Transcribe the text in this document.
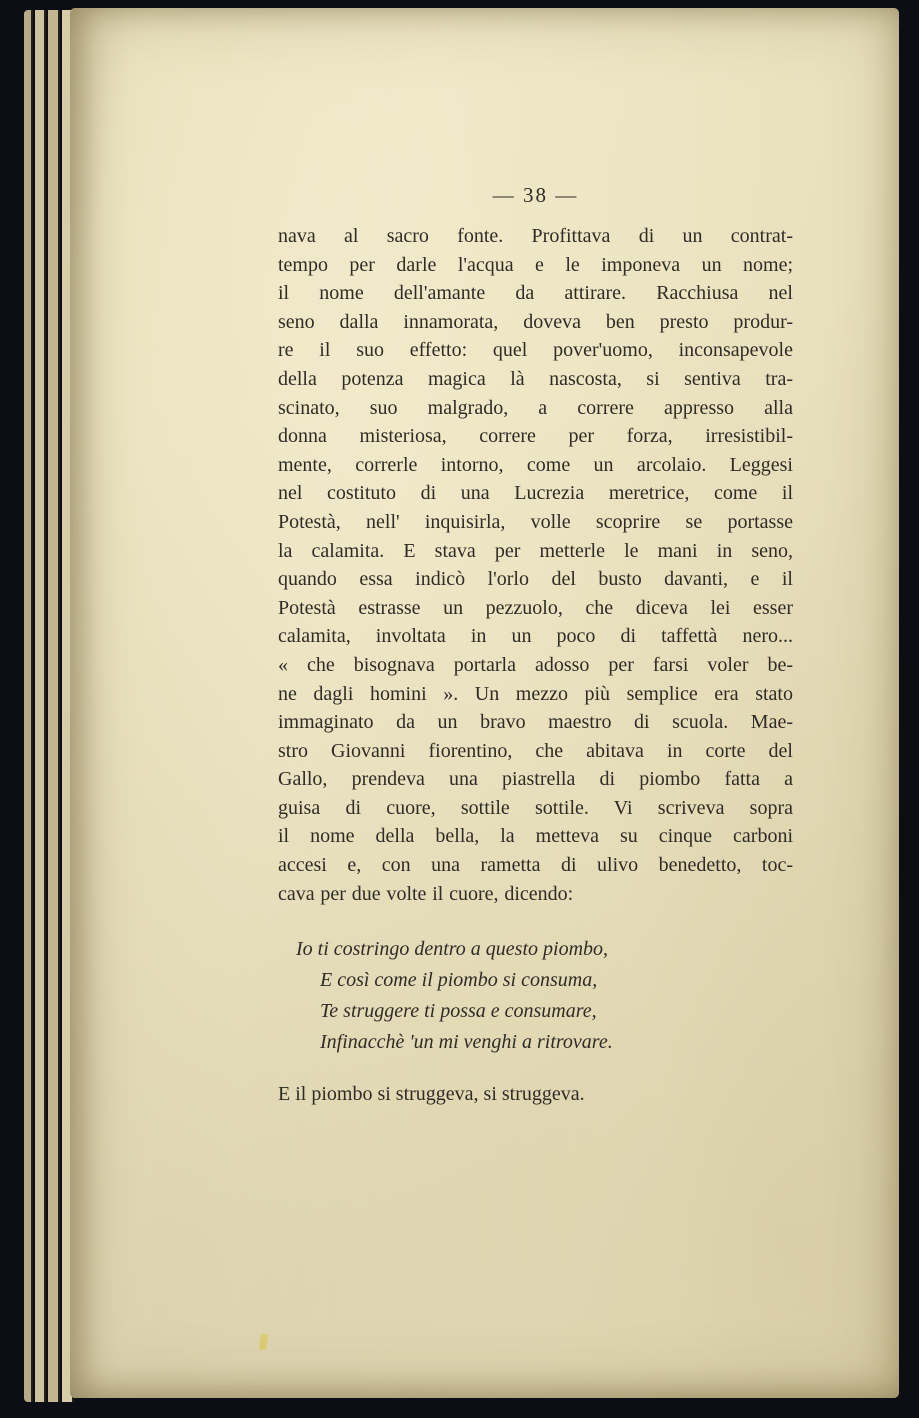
— 38 —
nava al sacro fonte. Profittava di un contrat-
tempo per darle l'acqua e le imponeva un nome;
il nome dell'amante da attirare. Racchiusa nel
seno dalla innamorata, doveva ben presto produr-
re il suo effetto: quel pover'uomo, inconsapevole
della potenza magica là nascosta, si sentiva tra-
scinato, suo malgrado, a correre appresso alla
donna misteriosa, correre per forza, irresistibil-
mente, correrle intorno, come un arcolaio. Leggesi
nel costituto di una Lucrezia meretrice, come il
Potestà, nell' inquisirla, volle scoprire se portasse
la calamita. E stava per metterle le mani in seno,
quando essa indicò l'orlo del busto davanti, e il
Potestà estrasse un pezzuolo, che diceva lei esser
calamita, involtata in un poco di taffettà nero...
« che bisognava portarla adosso per farsi voler be-
ne dagli homini ». Un mezzo più semplice era stato
immaginato da un bravo maestro di scuola. Mae-
stro Giovanni fiorentino, che abitava in corte del
Gallo, prendeva una piastrella di piombo fatta a
guisa di cuore, sottile sottile. Vi scriveva sopra
il nome della bella, la metteva su cinque carboni
accesi e, con una rametta di ulivo benedetto, toc-
cava per due volte il cuore, dicendo:
Io ti costringo dentro a questo piombo,
E così come il piombo si consuma,
Te struggere ti possa e consumare,
Infinacchè 'un mi venghi a ritrovare.
E il piombo si struggeva, si struggeva.
